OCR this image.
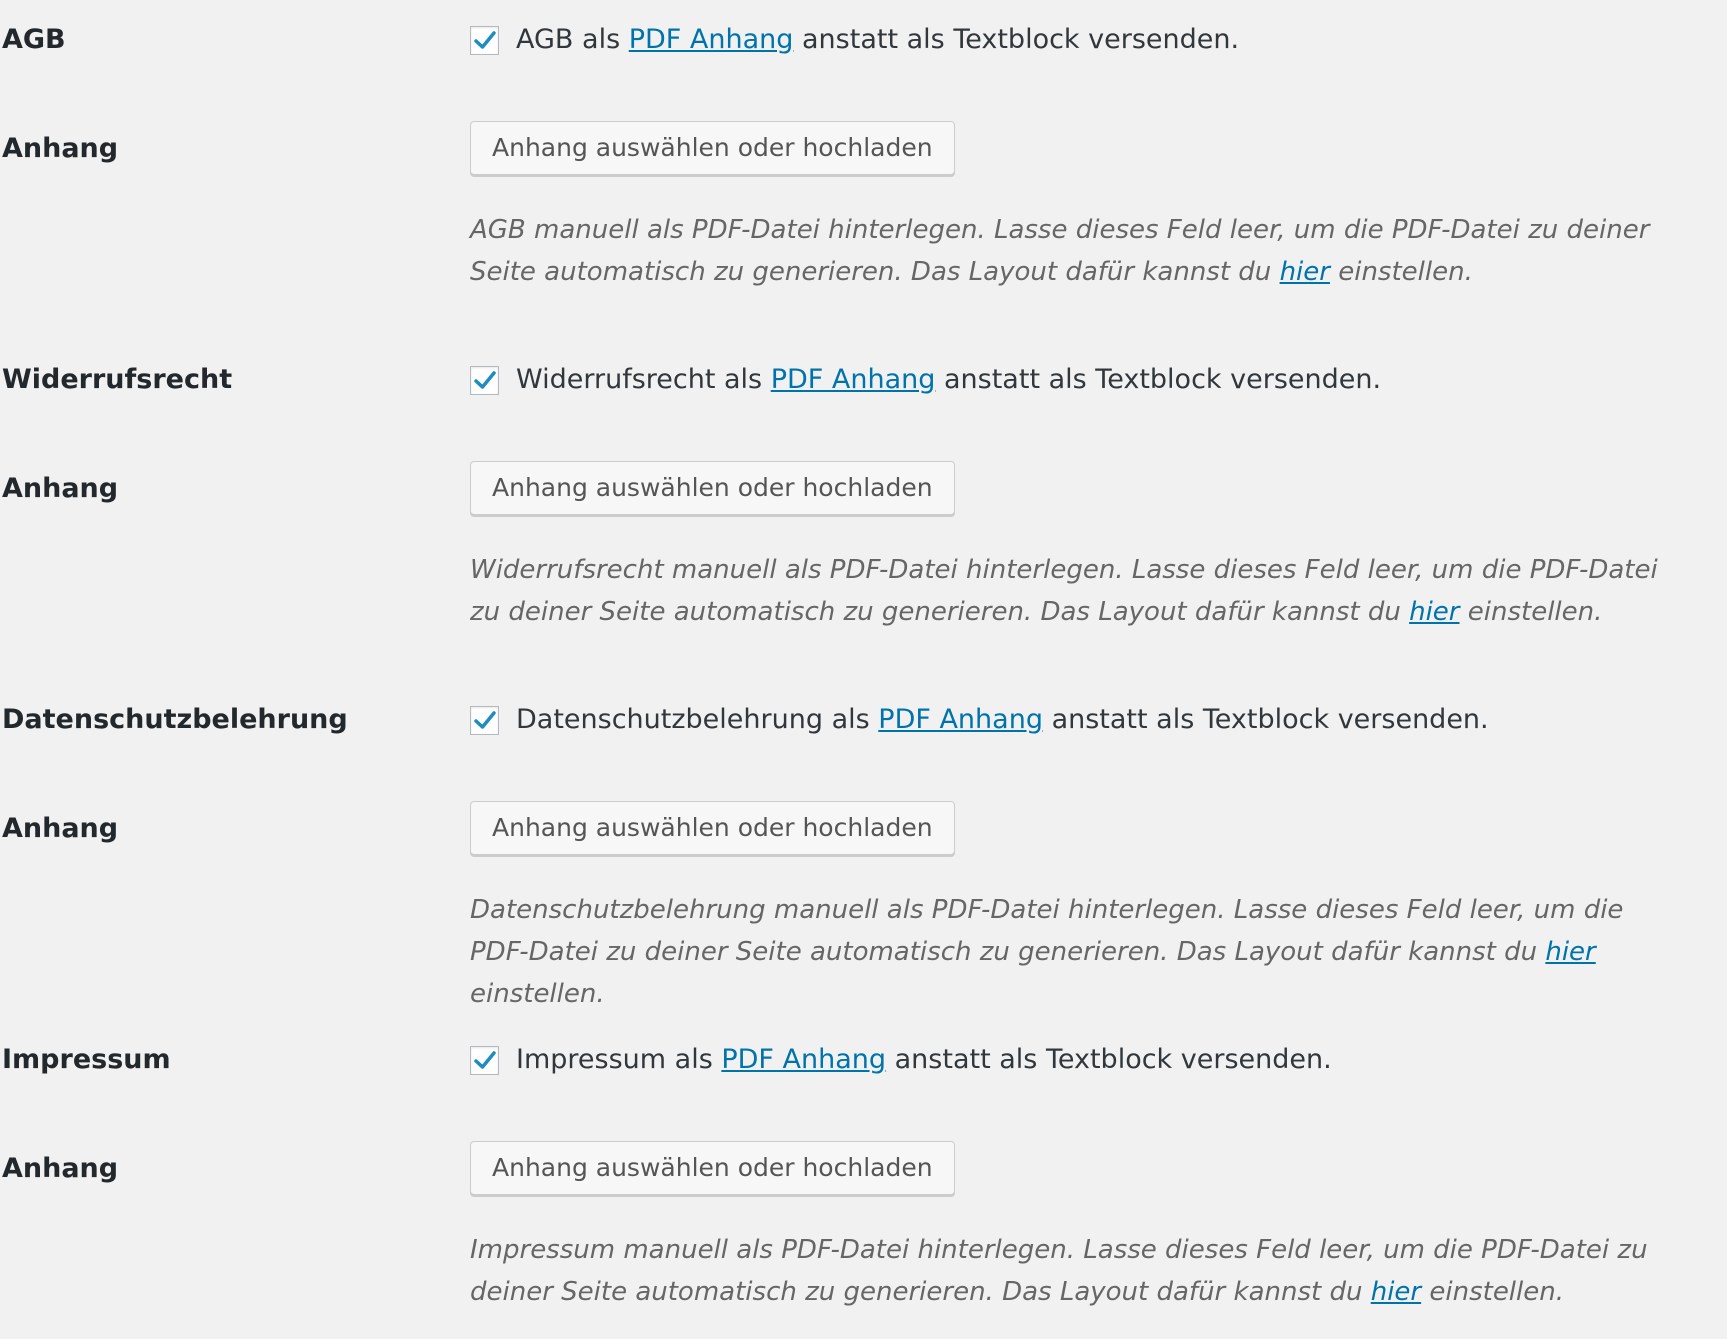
AGB	AGB als
PDF Anhang
anstatt als Textblock versenden.
Anhang	Anhang auswählen oder hochladen
AGB manuell als PDF-Datei hinterlegen. Lasse dieses Feld leer, um die PDF-Datei zu deiner Seite automatisch zu generieren. Das Layout dafür kannst du hier einstellen.
Widerrufsrecht	Widerrufsrecht als
PDF Anhang
anstatt als Textblock versenden.
Anhang	Anhang auswählen oder hochladen
Widerrufsrecht manuell als PDF-Datei hinterlegen. Lasse dieses Feld leer, um die PDF-Datei zu deiner Seite automatisch zu generieren. Das Layout dafür kannst du hier einstellen.
Datenschutzbelehrung	Datenschutzbelehrung als
PDF Anhang
anstatt als Textblock versenden.
Anhang	Anhang auswählen oder hochladen
Datenschutzbelehrung manuell als PDF-Datei hinterlegen. Lasse dieses Feld leer, um die PDF-Datei zu deiner Seite automatisch zu generieren. Das Layout dafür kannst du hier einstellen.
Impressum	Impressum als
PDF Anhang
anstatt als Textblock versenden.
Anhang	Anhang auswählen oder hochladen
Impressum manuell als PDF-Datei hinterlegen. Lasse dieses Feld leer, um die PDF-Datei zu deiner Seite automatisch zu generieren. Das Layout dafür kannst du hier einstellen.
